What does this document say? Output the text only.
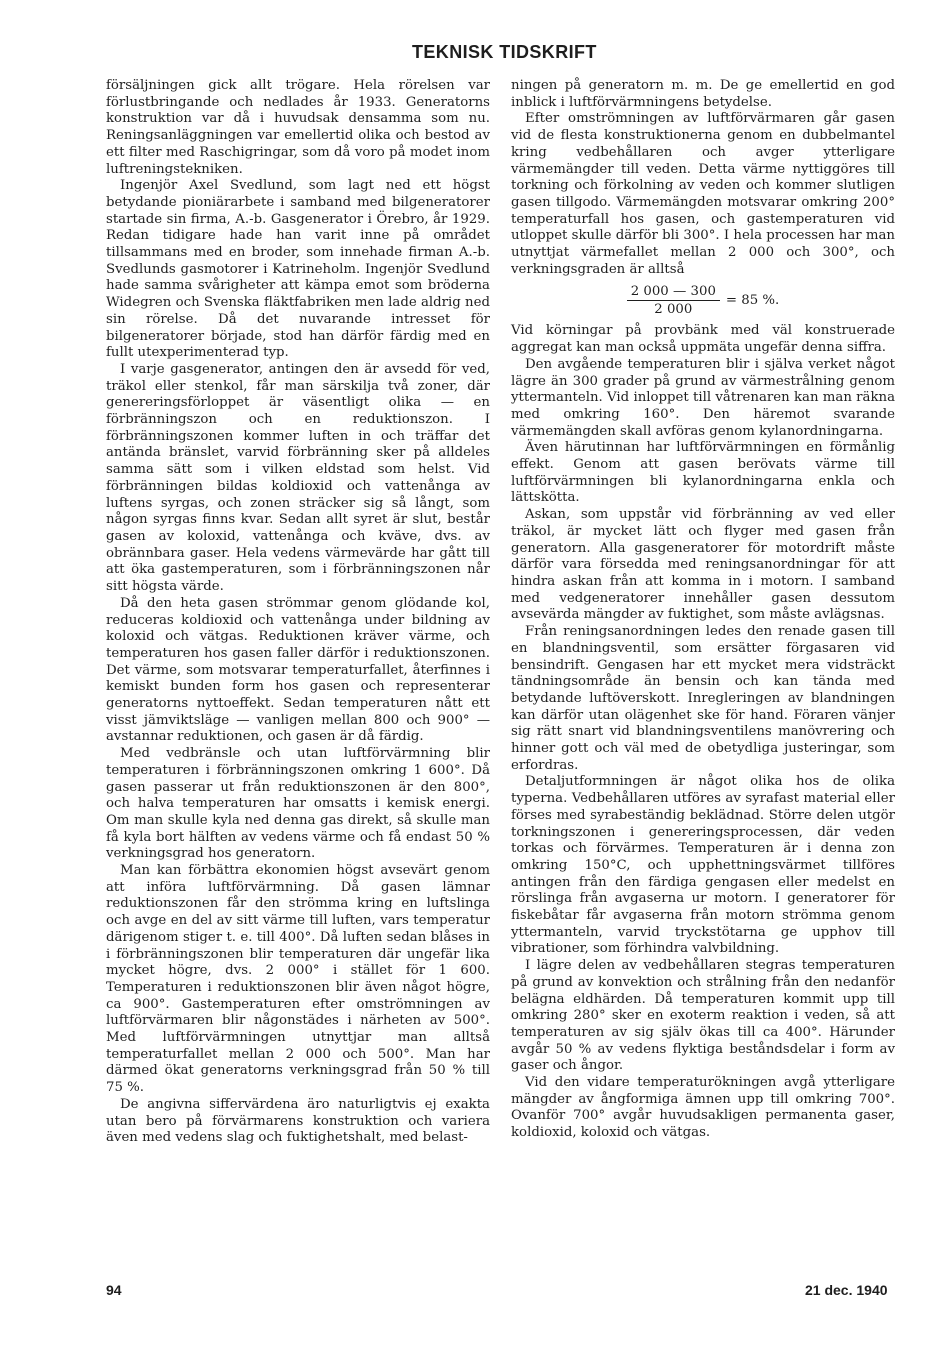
TEKNISK TIDSKRIFT

försäljningen gick allt trögare. Hela rörelsen var förlustbringande och nedlades år 1933. Generatorns konstruktion var då i huvudsak densamma som nu. Reningsanläggningen var emellertid olika och bestod av ett filter med Raschigringar, som då voro på modet inom luftreningstekniken.

Ingenjör Axel Svedlund, som lagt ned ett högst betydande pioniärarbete i samband med bilgeneratorer startade sin firma, A.-b. Gasgenerator i Örebro, år 1929. Redan tidigare hade han varit inne på området tillsammans med en broder, som innehade firman A.-b. Svedlunds gasmotorer i Katrineholm. Ingenjör Svedlund hade samma svårigheter att kämpa emot som bröderna Widegren och Svenska fläktfabriken men lade aldrig ned sin rörelse. Då det nuvarande intresset för bilgeneratorer började, stod han därför färdig med en fullt utexperimenterad typ.

I varje gasgenerator, antingen den är avsedd för ved, träkol eller stenkol, får man särskilja två zoner, där genereringsförloppet är väsentligt olika — en förbränningszon och en reduktionszon. I förbränningszonen kommer luften in och träffar det antända bränslet, varvid förbränning sker på alldeles samma sätt som i vilken eldstad som helst. Vid förbränningen bildas koldioxid och vattenånga av luftens syrgas, och zonen sträcker sig så långt, som någon syrgas finns kvar. Sedan allt syret är slut, består gasen av koloxid, vattenånga och kväve, dvs. av obrännbara gaser. Hela vedens värmevärde har gått till att öka gastemperaturen, som i förbränningszonen når sitt högsta värde.

Då den heta gasen strömmar genom glödande kol, reduceras koldioxid och vattenånga under bildning av koloxid och vätgas. Reduktionen kräver värme, och temperaturen hos gasen faller därför i reduktionszonen. Det värme, som motsvarar temperaturfallet, återfinnes i kemiskt bunden form hos gasen och representerar generatorns nyttoeffekt. Sedan temperaturen nått ett visst jämviktsläge — vanligen mellan 800 och 900° — avstannar reduktionen, och gasen är då färdig.

Med vedbränsle och utan luftförvärmning blir temperaturen i förbränningszonen omkring 1 600°. Då gasen passerar ut från reduktionszonen är den 800°, och halva temperaturen har omsatts i kemisk energi. Om man skulle kyla ned denna gas direkt, så skulle man få kyla bort hälften av vedens värme och få endast 50 % verkningsgrad hos generatorn.

Man kan förbättra ekonomien högst avsevärt genom att införa luftförvärmning. Då gasen lämnar reduktionszonen får den strömma kring en luftslinga och avge en del av sitt värme till luften, vars temperatur därigenom stiger t. e. till 400°. Då luften sedan blåses in i förbränningszonen blir temperaturen där ungefär lika mycket högre, dvs. 2 000° i stället för 1 600. Temperaturen i reduktionszonen blir även något högre, ca 900°. Gastemperaturen efter omströmningen av luftförvärmaren blir någonstädes i närheten av 500°. Med luftförvärmningen utnyttjar man alltså temperaturfallet mellan 2 000 och 500°. Man har därmed ökat generatorns verkningsgrad från 50 % till 75 %.

De angivna siffervärdena äro naturligtvis ej exakta utan bero på förvärmarens konstruktion och variera även med vedens slag och fuktighetshalt, med belast-

ningen på generatorn m. m. De ge emellertid en god inblick i luftförvärmningens betydelse.

Efter omströmningen av luftförvärmaren går gasen vid de flesta konstruktionerna genom en dubbelmantel kring vedbehållaren och avger ytterligare värmemängder till veden. Detta värme nyttiggöres till torkning och förkolning av veden och kommer slutligen gasen tillgodo. Värmemängden motsvarar omkring 200° temperaturfall hos gasen, och gastemperaturen vid utloppet skulle därför bli 300°. I hela processen har man utnyttjat värmefallet mellan 2 000 och 300°, och verkningsgraden är alltså

$\frac{2 000 — 300}{2 000} = 85$ %.

Vid körningar på provbänk med väl konstruerade aggregat kan man också uppmäta ungefär denna siffra.

Den avgående temperaturen blir i själva verket något lägre än 300 grader på grund av värmestrålning genom yttermanteln. Vid inloppet till våtrenaren kan man räkna med omkring 160°. Den häremot svarande värmemängden skall avföras genom kylanordningarna.

Även härutinnan har luftförvärmningen en förmånlig effekt. Genom att gasen berövats värme till luftförvärmningen bli kylanordningarna enkla och lättskötta.

Askan, som uppstår vid förbränning av ved eller träkol, är mycket lätt och flyger med gasen från generatorn. Alla gasgeneratorer för motordrift måste därför vara försedda med reningsanordningar för att hindra askan från att komma in i motorn. I samband med vedgeneratorer innehåller gasen dessutom avsevärda mängder av fuktighet, som måste avlägsnas.

Från reningsanordningen ledes den renade gasen till en blandningsventil, som ersätter förgasaren vid bensindrift. Gengasen har ett mycket mera vidsträckt tändningsområde än bensin och kan tända med betydande luftöverskott. Inregleringen av blandningen kan därför utan olägenhet ske för hand. Föraren vänjer sig rätt snart vid blandningsventilens manövrering och hinner gott och väl med de obetydliga justeringar, som erfordras.

Detaljutformningen är något olika hos de olika typerna. Vedbehållaren utföres av syrafast material eller förses med syrabeständig beklädnad. Större delen utgör torkningszonen i genereringsprocessen, där veden torkas och förvärmes. Temperaturen är i denna zon omkring 150°C, och upphettningsvärmet tillföres antingen från den färdiga gengasen eller medelst en rörslinga från avgaserna ur motorn. I generatorer för fiskebåtar får avgaserna från motorn strömma genom yttermanteln, varvid tryckstötarna ge upphov till vibrationer, som förhindra valvbildning.

I lägre delen av vedbehållaren stegras temperaturen på grund av konvektion och strålning från den nedanför belägna eldhärden. Då temperaturen kommit upp till omkring 280° sker en exoterm reaktion i veden, så att temperaturen av sig själv ökas till ca 400°. Härunder avgår 50 % av vedens flyktiga beståndsdelar i form av gaser och ångor.

Vid den vidare temperaturökningen avgå ytterligare mängder av ångformiga ämnen upp till omkring 700°. Ovanför 700° avgår huvudsakligen permanenta gaser, koldioxid, koloxid och vätgas.

94	21 dec. 1940
